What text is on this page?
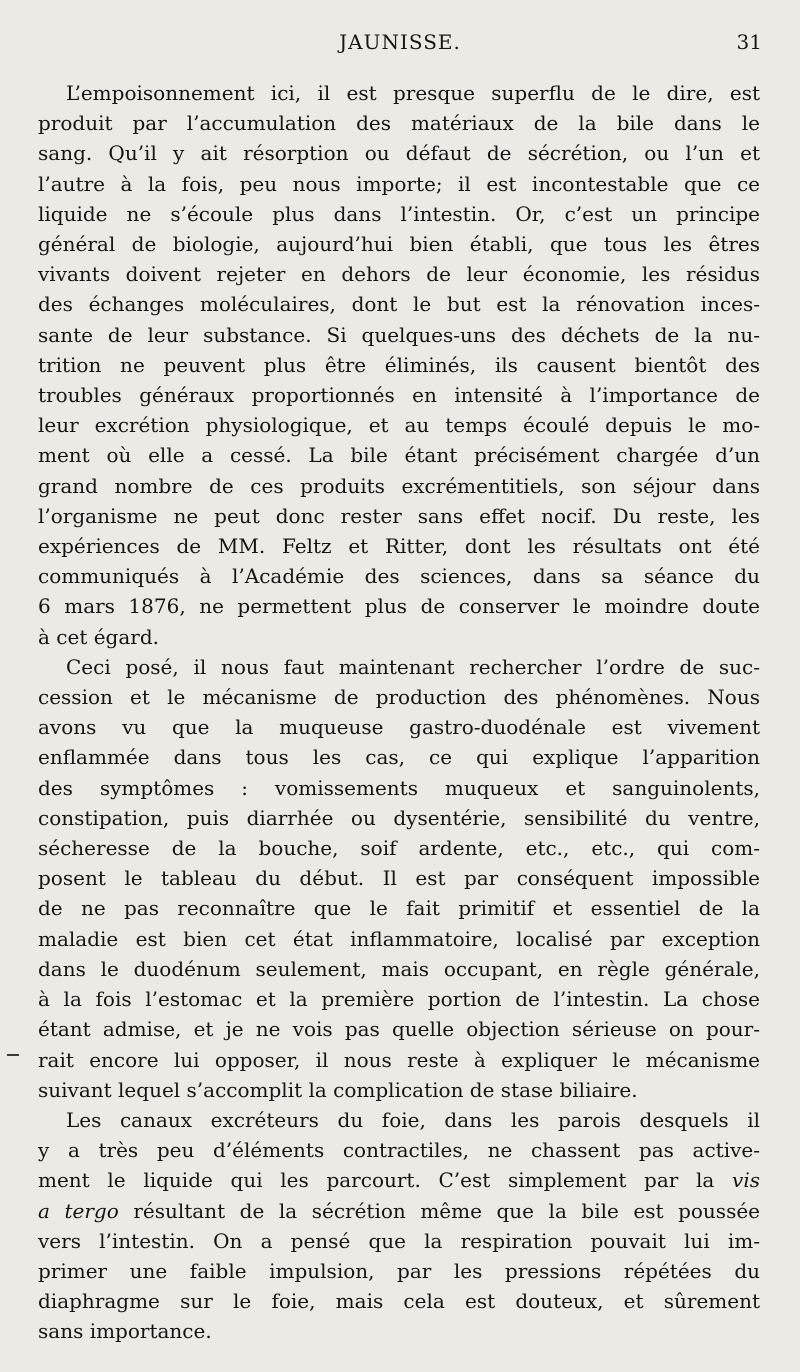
JAUNISSE.	31
L’empoisonnement ici, il est presque superflu de le dire, est
produit par l’accumulation des matériaux de la bile dans le
sang. Qu’il y ait résorption ou défaut de sécrétion, ou l’un et
l’autre à la fois, peu nous importe; il est incontestable que ce
liquide ne s’écoule plus dans l’intestin. Or, c’est un principe
général de biologie, aujourd’hui bien établi, que tous les êtres
vivants doivent rejeter en dehors de leur économie, les résidus
des échanges moléculaires, dont le but est la rénovation inces-
sante de leur substance. Si quelques-uns des déchets de la nu-
trition ne peuvent plus être éliminés, ils causent bientôt des
troubles généraux proportionnés en intensité à l’importance de
leur excrétion physiologique, et au temps écoulé depuis le mo-
ment où elle a cessé. La bile étant précisément chargée d’un
grand nombre de ces produits excrémentitiels, son séjour dans
l’organisme ne peut donc rester sans effet nocif. Du reste, les
expériences de MM. Feltz et Ritter, dont les résultats ont été
communiqués à l’Académie des sciences, dans sa séance du
6 mars 1876, ne permettent plus de conserver le moindre doute
à cet égard.
Ceci posé, il nous faut maintenant rechercher l’ordre de suc-
cession et le mécanisme de production des phénomènes. Nous
avons vu que la muqueuse gastro-duodénale est vivement
enflammée dans tous les cas, ce qui explique l’apparition
des symptômes : vomissements muqueux et sanguinolents,
constipation, puis diarrhée ou dysentérie, sensibilité du ventre,
sécheresse de la bouche, soif ardente, etc., etc., qui com-
posent le tableau du début. Il est par conséquent impossible
de ne pas reconnaître que le fait primitif et essentiel de la
maladie est bien cet état inflammatoire, localisé par exception
dans le duodénum seulement, mais occupant, en règle générale,
à la fois l’estomac et la première portion de l’intestin. La chose
étant admise, et je ne vois pas quelle objection sérieuse on pour-
rait encore lui opposer, il nous reste à expliquer le mécanisme
suivant lequel s’accomplit la complication de stase biliaire.
Les canaux excréteurs du foie, dans les parois desquels il
y a très peu d’éléments contractiles, ne chassent pas active-
ment le liquide qui les parcourt. C’est simplement par la vis
a tergo résultant de la sécrétion même que la bile est poussée
vers l’intestin. On a pensé que la respiration pouvait lui im-
primer une faible impulsion, par les pressions répétées du
diaphragme sur le foie, mais cela est douteux, et sûrement
sans importance.
